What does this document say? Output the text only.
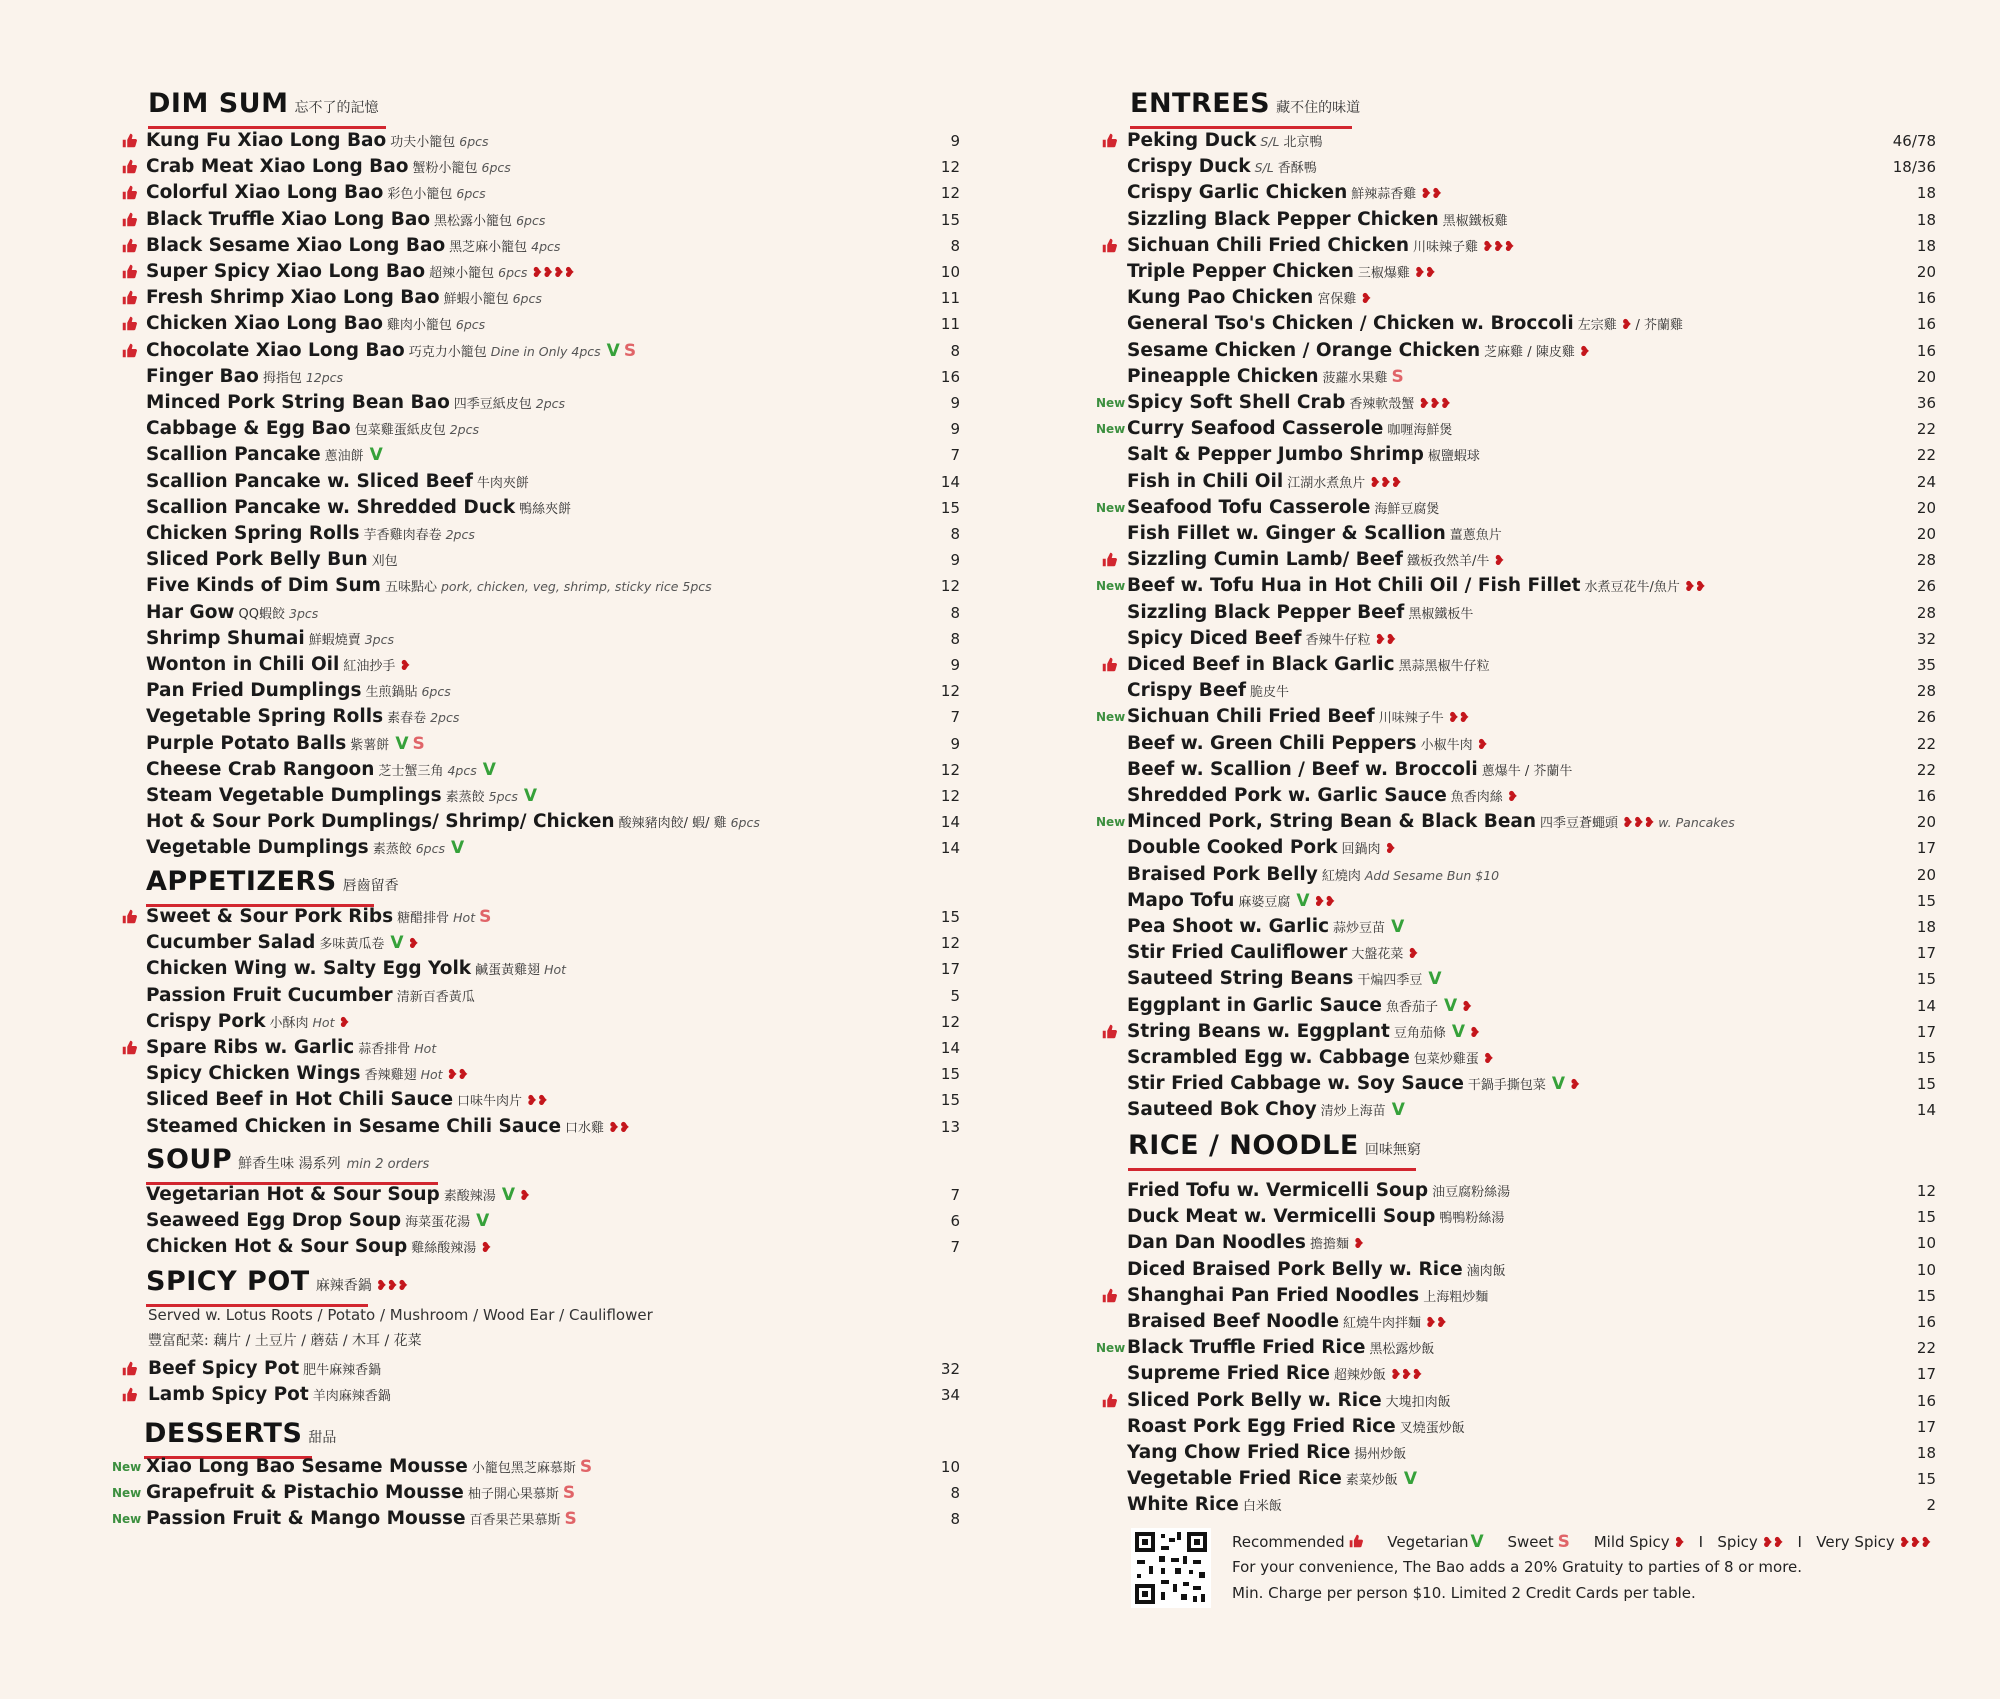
DIM SUM 忘不了的記憶
APPETIZERS 唇齒留香
SOUP 鮮香生味 湯系列 min 2 orders
SPICY POT 麻辣香鍋 ❥❥❥
Served w. Lotus Roots / Potato / Mushroom / Wood Ear / Cauliflower
豐富配菜: 藕片 / 土豆片 / 蘑菇 / 木耳 / 花菜
DESSERTS 甜品
ENTREES 藏不住的味道
RICE / NOODLE 回味無窮
Kung Fu Xiao Long Bao 功夫小籠包 6pcs	9
Crab Meat Xiao Long Bao 蟹粉小籠包 6pcs	12
Colorful Xiao Long Bao 彩色小籠包 6pcs	12
Black Truffle Xiao Long Bao 黑松露小籠包 6pcs	15
Black Sesame Xiao Long Bao 黑芝麻小籠包 4pcs	8
Super Spicy Xiao Long Bao 超辣小籠包 6pcs ❥❥❥❥	10
Fresh Shrimp Xiao Long Bao 鮮蝦小籠包 6pcs	11
Chicken Xiao Long Bao 雞肉小籠包 6pcs	11
Chocolate Xiao Long Bao 巧克力小籠包 Dine in Only 4pcs V S	8
Finger Bao 拇指包 12pcs	16
Minced Pork String Bean Bao 四季豆紙皮包 2pcs	9
Cabbage & Egg Bao 包菜雞蛋紙皮包 2pcs	9
Scallion Pancake 蔥油餅 V	7
Scallion Pancake w. Sliced Beef 牛肉夾餅	14
Scallion Pancake w. Shredded Duck 鴨絲夾餅	15
Chicken Spring Rolls 芋香雞肉春卷 2pcs	8
Sliced Pork Belly Bun 刈包	9
Five Kinds of Dim Sum 五味點心 pork, chicken, veg, shrimp, sticky rice 5pcs	12
Har Gow QQ蝦餃 3pcs	8
Shrimp Shumai 鮮蝦燒賣 3pcs	8
Wonton in Chili Oil 紅油抄手 ❥	9
Pan Fried Dumplings 生煎鍋貼 6pcs	12
Vegetable Spring Rolls 素春卷 2pcs	7
Purple Potato Balls 紫薯餅 V S	9
Cheese Crab Rangoon 芝士蟹三角 4pcs V	12
Steam Vegetable Dumplings 素蒸餃 5pcs V	12
Hot & Sour Pork Dumplings/ Shrimp/ Chicken 酸辣豬肉餃/ 蝦/ 雞 6pcs	14
Vegetable Dumplings 素蒸餃 6pcs V	14
Sweet & Sour Pork Ribs 糖醋排骨 Hot S	15
Cucumber Salad 多味黃瓜卷 V ❥	12
Chicken Wing w. Salty Egg Yolk 鹹蛋黃雞翅 Hot	17
Passion Fruit Cucumber 清新百香黃瓜	5
Crispy Pork 小酥肉 Hot ❥	12
Spare Ribs w. Garlic 蒜香排骨 Hot	14
Spicy Chicken Wings 香辣雞翅 Hot ❥❥	15
Sliced Beef in Hot Chili Sauce 口味牛肉片 ❥❥	15
Steamed Chicken in Sesame Chili Sauce 口水雞 ❥❥	13
Vegetarian Hot & Sour Soup 素酸辣湯 V ❥	7
Seaweed Egg Drop Soup 海菜蛋花湯 V	6
Chicken Hot & Sour Soup 雞絲酸辣湯 ❥	7
Beef Spicy Pot 肥牛麻辣香鍋	32
Lamb Spicy Pot 羊肉麻辣香鍋	34
New Xiao Long Bao Sesame Mousse 小籠包黑芝麻慕斯 S	10
New Grapefruit & Pistachio Mousse 柚子開心果慕斯 S	8
New Passion Fruit & Mango Mousse 百香果芒果慕斯 S	8
Peking Duck S/L 北京鴨	46/78
Crispy Duck S/L 香酥鴨	18/36
Crispy Garlic Chicken 鮮辣蒜香雞 ❥❥	18
Sizzling Black Pepper Chicken 黑椒鐵板雞	18
Sichuan Chili Fried Chicken 川味辣子雞 ❥❥❥	18
Triple Pepper Chicken 三椒爆雞 ❥❥	20
Kung Pao Chicken 宮保雞 ❥	16
General Tso's Chicken / Chicken w. Broccoli 左宗雞 ❥ / 芥蘭雞	16
Sesame Chicken / Orange Chicken 芝麻雞 / 陳皮雞 ❥	16
Pineapple Chicken 菠蘿水果雞 S	20
New Spicy Soft Shell Crab 香辣軟殼蟹 ❥❥❥	36
New Curry Seafood Casserole 咖喱海鮮煲	22
Salt & Pepper Jumbo Shrimp 椒鹽蝦球	22
Fish in Chili Oil 江湖水煮魚片 ❥❥❥	24
New Seafood Tofu Casserole 海鮮豆腐煲	20
Fish Fillet w. Ginger & Scallion 薑蔥魚片	20
Sizzling Cumin Lamb/ Beef 鐵板孜然羊/牛 ❥	28
New Beef w. Tofu Hua in Hot Chili Oil / Fish Fillet 水煮豆花牛/魚片 ❥❥	26
Sizzling Black Pepper Beef 黑椒鐵板牛	28
Spicy Diced Beef 香辣牛仔粒 ❥❥	32
Diced Beef in Black Garlic 黑蒜黑椒牛仔粒	35
Crispy Beef 脆皮牛	28
New Sichuan Chili Fried Beef 川味辣子牛 ❥❥	26
Beef w. Green Chili Peppers 小椒牛肉 ❥	22
Beef w. Scallion / Beef w. Broccoli 蔥爆牛 / 芥蘭牛	22
Shredded Pork w. Garlic Sauce 魚香肉絲 ❥	16
New Minced Pork, String Bean & Black Bean 四季豆蒼蠅頭 ❥❥❥ w. Pancakes	20
Double Cooked Pork 回鍋肉 ❥	17
Braised Pork Belly 紅燒肉 Add Sesame Bun $10	20
Mapo Tofu 麻婆豆腐 V ❥❥	15
Pea Shoot w. Garlic 蒜炒豆苗 V	18
Stir Fried Cauliflower 大盤花菜 ❥	17
Sauteed String Beans 干煸四季豆 V	15
Eggplant in Garlic Sauce 魚香茄子 V ❥	14
String Beans w. Eggplant 豆角茄條 V ❥	17
Scrambled Egg w. Cabbage 包菜炒雞蛋 ❥	15
Stir Fried Cabbage w. Soy Sauce 干鍋手撕包菜 V ❥	15
Sauteed Bok Choy 清炒上海苗 V	14
Fried Tofu w. Vermicelli Soup 油豆腐粉絲湯	12
Duck Meat w. Vermicelli Soup 鴨鴨粉絲湯	15
Dan Dan Noodles 擔擔麵 ❥	10
Diced Braised Pork Belly w. Rice 滷肉飯	10
Shanghai Pan Fried Noodles 上海粗炒麵	15
Braised Beef Noodle 紅燒牛肉拌麵 ❥❥	16
New Black Truffle Fried Rice 黑松露炒飯	22
Supreme Fried Rice 超辣炒飯 ❥❥❥	17
Sliced Pork Belly w. Rice 大塊扣肉飯	16
Roast Pork Egg Fried Rice 叉燒蛋炒飯	17
Yang Chow Fried Rice 揚州炒飯	18
Vegetable Fried Rice 素菜炒飯 V	15
White Rice 白米飯	2
Recommended	Vegetarian V Sweet S Mild Spicy ❥ I Spicy ❥❥ I Very Spicy ❥❥❥
For your convenience, The Bao adds a 20% Gratuity to parties of 8 or more.
Min. Charge per person $10. Limited 2 Credit Cards per table.
